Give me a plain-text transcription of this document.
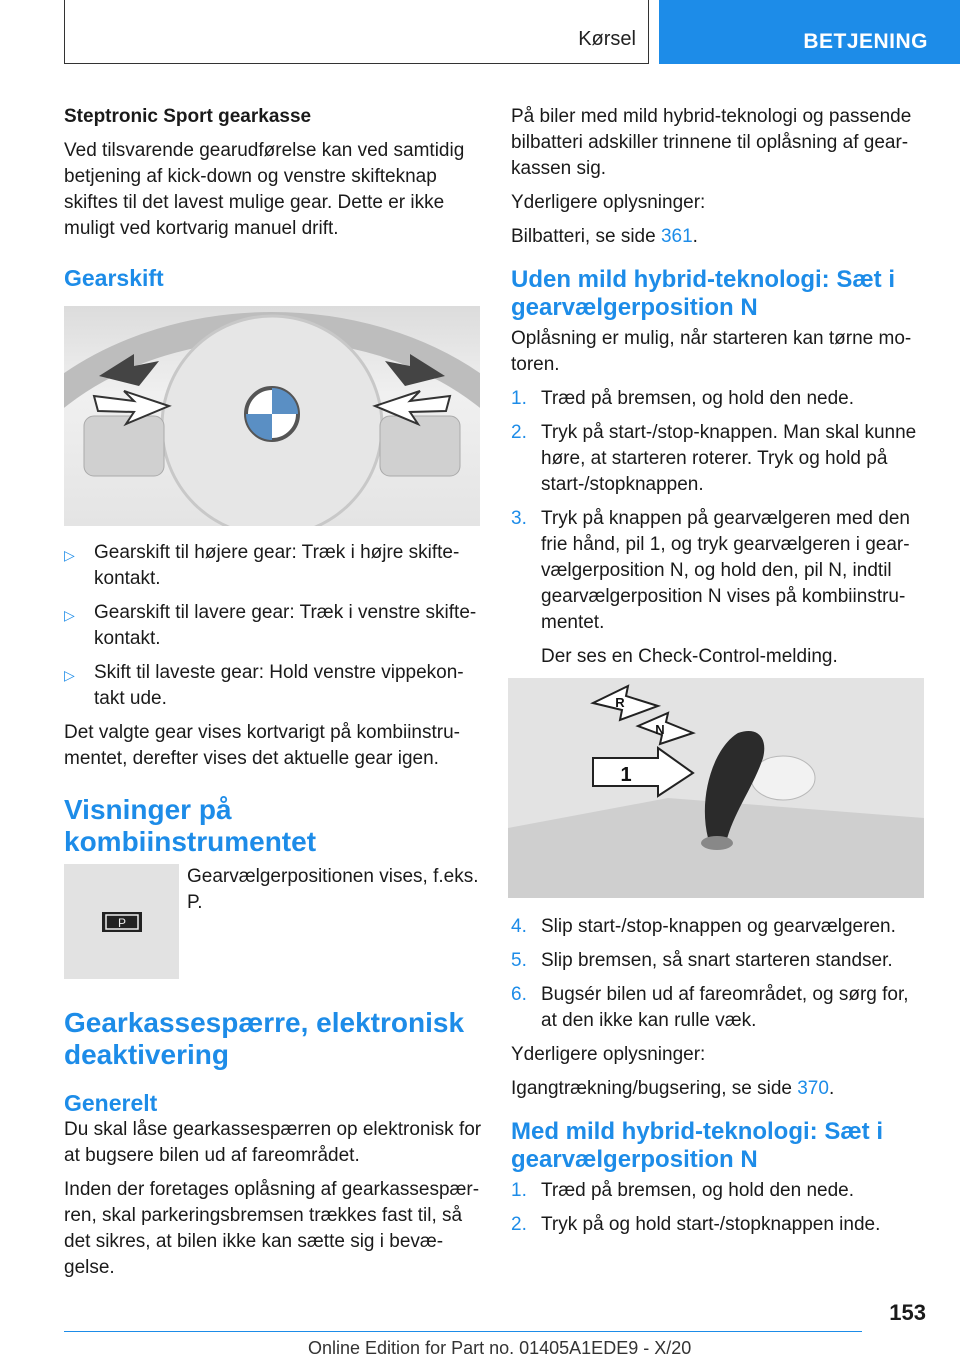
Kørsel	BETJENING

Steptronic Sport gearkasse

Ved tilsvarende gearudførelse kan ved samtidig betjening af kick-down og venstre skifteknap skiftes til det lavest mulige gear. Dette er ikke muligt ved kortvarig manuel drift.

Gearskift
▷	Gearskift til højere gear: Træk i højre skifte‐kontakt.
▷	Gearskift til lavere gear: Træk i venstre skifte‐kontakt.
▷	Skift til laveste gear: Hold venstre vippekon‐takt ude.

Det valgte gear vises kortvarigt på kombiinstru‐mentet, derefter vises det aktuelle gear igen.

Visninger på kombiinstrumentet
P

Gearvælgerpositionen vises, f.eks. P.

Gearkassespærre, elektronisk deaktivering
Generelt

Du skal låse gearkassespærren op elektronisk for at bugsere bilen ud af fareområdet.

Inden der foretages oplåsning af gearkassespær‐ren, skal parkeringsbremsen trækkes fast til, så det sikres, at bilen ikke kan sætte sig i bevæ‐gelse.

På biler med mild hybrid-teknologi og passende bilbatteri adskiller trinnene til oplåsning af gear‐kassen sig.

Yderligere oplysninger:

Bilbatteri, se side 361.

Uden mild hybrid-teknologi: Sæt i gearvælgerposition N

Oplåsning er mulig, når starteren kan tørne mo‐toren.

1. Træd på bremsen, og hold den nede.
2. Tryk på start-/stop-knappen. Man skal kunne høre, at starteren roterer. Tryk og hold på start-/stopknappen.
3. Tryk på knappen på gearvælgeren med den frie hånd, pil 1, og tryk gearvælgeren i gear‐vælgerposition N, og hold den, pil N, indtil gearvælgerposition N vises på kombiinstru‐mentet.

Der ses en Check-Control-melding.

R
N
1
4. Slip start-/stop-knappen og gearvælgeren.
5. Slip bremsen, så snart starteren standser.
6. Bugsér bilen ud af fareområdet, og sørg for, at den ikke kan rulle væk.

Yderligere oplysninger:

Igangtrækning/bugsering, se side 370.

Med mild hybrid-teknologi: Sæt i gearvælgerposition N
1. Træd på bremsen, og hold den nede.
2. Tryk på og hold start-/stopknappen inde.
153
Online Edition for Part no. 01405A1EDE9 - X/20
